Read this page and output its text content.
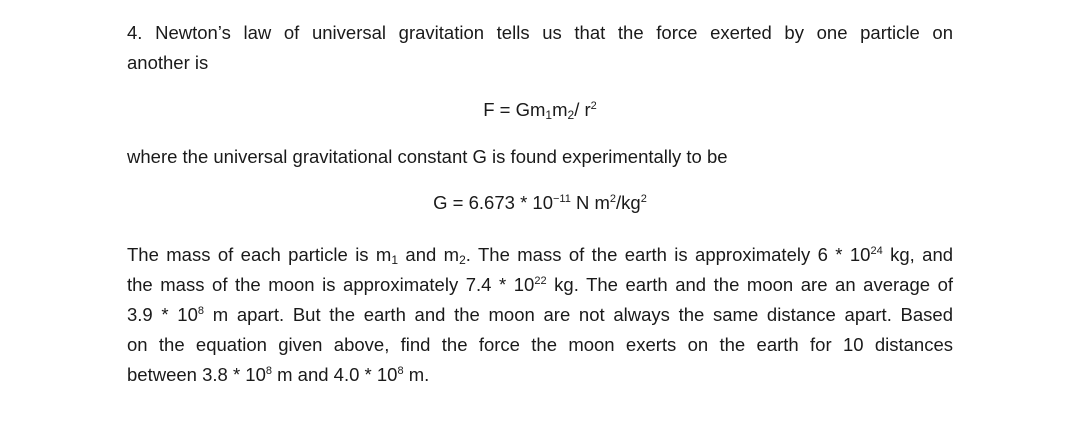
4. Newton’s law of universal gravitation tells us that the force exerted by one particle on
another is

$F = Gm_1m_2/$ $r^2$

where the universal gravitational constant G is found experimentally to be

$G = 6.673 * 10^{-11}$ N $m^2/kg^2$

The mass of each particle is $m_1$ and $m_2$. The mass of the earth is approximately $6 * 10^{24}$ kg, and
the mass of the moon is approximately $7.4 * 10^{22}$ kg. The earth and the moon are an average of
$3.9 * 10^8$ m apart. But the earth and the moon are not always the same distance apart. Based
on the equation given above, find the force the moon exerts on the earth for 10 distances
between $3.8 * 10^8$ m and $4.0 * 10^8$ m.
